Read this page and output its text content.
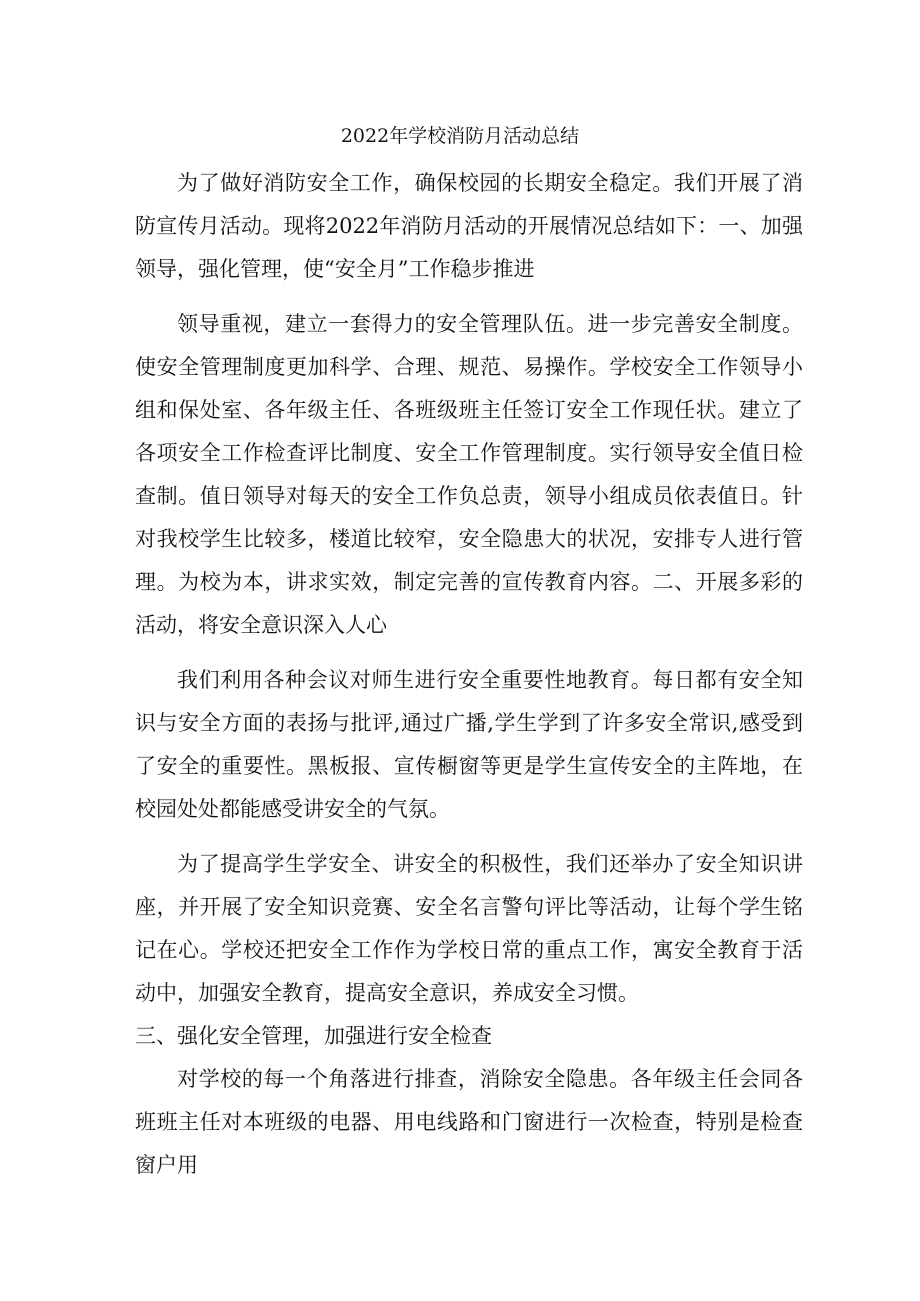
2022年学校消防月活动总结

为了做好消防安全工作，确保校园的长期安全稳定。我们开展了消防宣传月活动。现将2022年消防月活动的开展情况总结如下：一、加强领导，强化管理，使“安全月”工作稳步推进

领导重视，建立一套得力的安全管理队伍。进一步完善安全制度。使安全管理制度更加科学、合理、规范、易操作。学校安全工作领导小组和保处室、各年级主任、各班级班主任签订安全工作现任状。建立了各项安全工作检查评比制度、安全工作管理制度。实行领导安全值日检查制。值日领导对每天的安全工作负总责，领导小组成员依表值日。针对我校学生比较多，楼道比较窄，安全隐患大的状况，安排专人进行管理。为校为本，讲求实效，制定完善的宣传教育内容。二、开展多彩的活动，将安全意识深入人心

我们利用各种会议对师生进行安全重要性地教育。每日都有安全知识与安全方面的表扬与批评,通过广播,学生学到了许多安全常识,感受到了安全的重要性。黑板报、宣传橱窗等更是学生宣传安全的主阵地，在校园处处都能感受讲安全的气氛。

为了提高学生学安全、讲安全的积极性，我们还举办了安全知识讲座，并开展了安全知识竞赛、安全名言警句评比等活动，让每个学生铭记在心。学校还把安全工作作为学校日常的重点工作，寓安全教育于活动中，加强安全教育，提高安全意识，养成安全习惯。

三、强化安全管理，加强进行安全检查

对学校的每一个角落进行排查，消除安全隐患。各年级主任会同各班班主任对本班级的电器、用电线路和门窗进行一次检查，特别是检查窗户用
